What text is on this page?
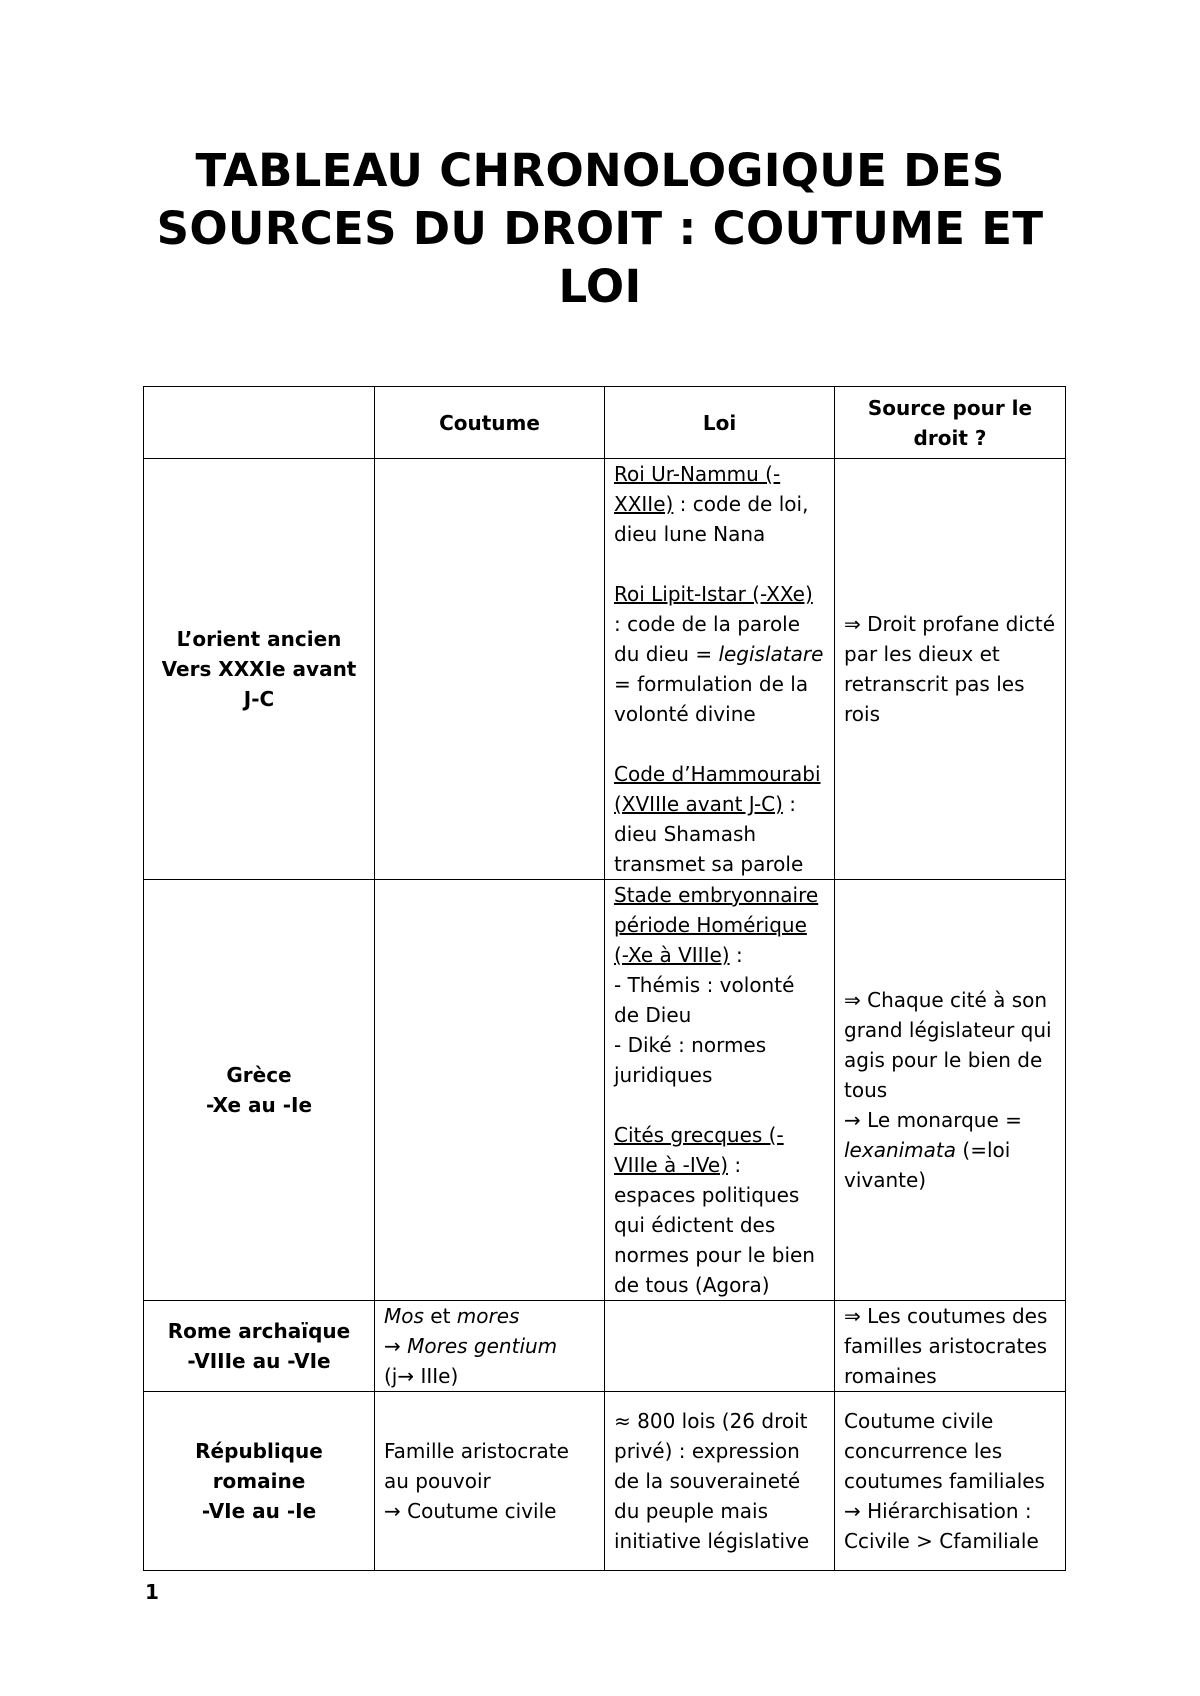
TABLEAU CHRONOLOGIQUE DES SOURCES DU DROIT : COUTUME ET LOI
	Coutume	Loi	Source pour le droit ?

L’orient ancien
Vers XXXIe avant J-C		Roi Ur-Nammu (-XXIIe) : code de loi, dieu lune Nana
Roi Lipit-Istar (-XXe) : code de la parole du dieu = legislatare = formulation de la volonté divine
Code d’Hammourabi (XVIIIe avant J-C) : dieu Shamash transmet sa parole	⇒ Droit profane dicté par les dieux et retranscrit pas les rois

Grèce
-Xe au -Ie		Stade embryonnaire période Homérique (-Xe à VIIIe) :
- Thémis : volonté de Dieu
- Diké : normes juridiques
Cités grecques (-VIIIe à -IVe) : espaces politiques qui édictent des normes pour le bien de tous (Agora)	⇒ Chaque cité à son grand législateur qui agis pour le bien de tous
→ Le monarque = lexanimata (=loi vivante)

Rome archaïque
-VIIIe au -VIe	Mos et mores
→ Mores gentium
(j→ IIIe)		⇒ Les coutumes des familles aristocrates romaines

République romaine
-VIe au -Ie	Famille aristocrate au pouvoir
→ Coutume civile	≈ 800 lois (26 droit privé) : expression de la souveraineté du peuple mais initiative législative	Coutume civile concurrence les coutumes familiales
→ Hiérarchisation : Ccivile > Cfamiliale
1
